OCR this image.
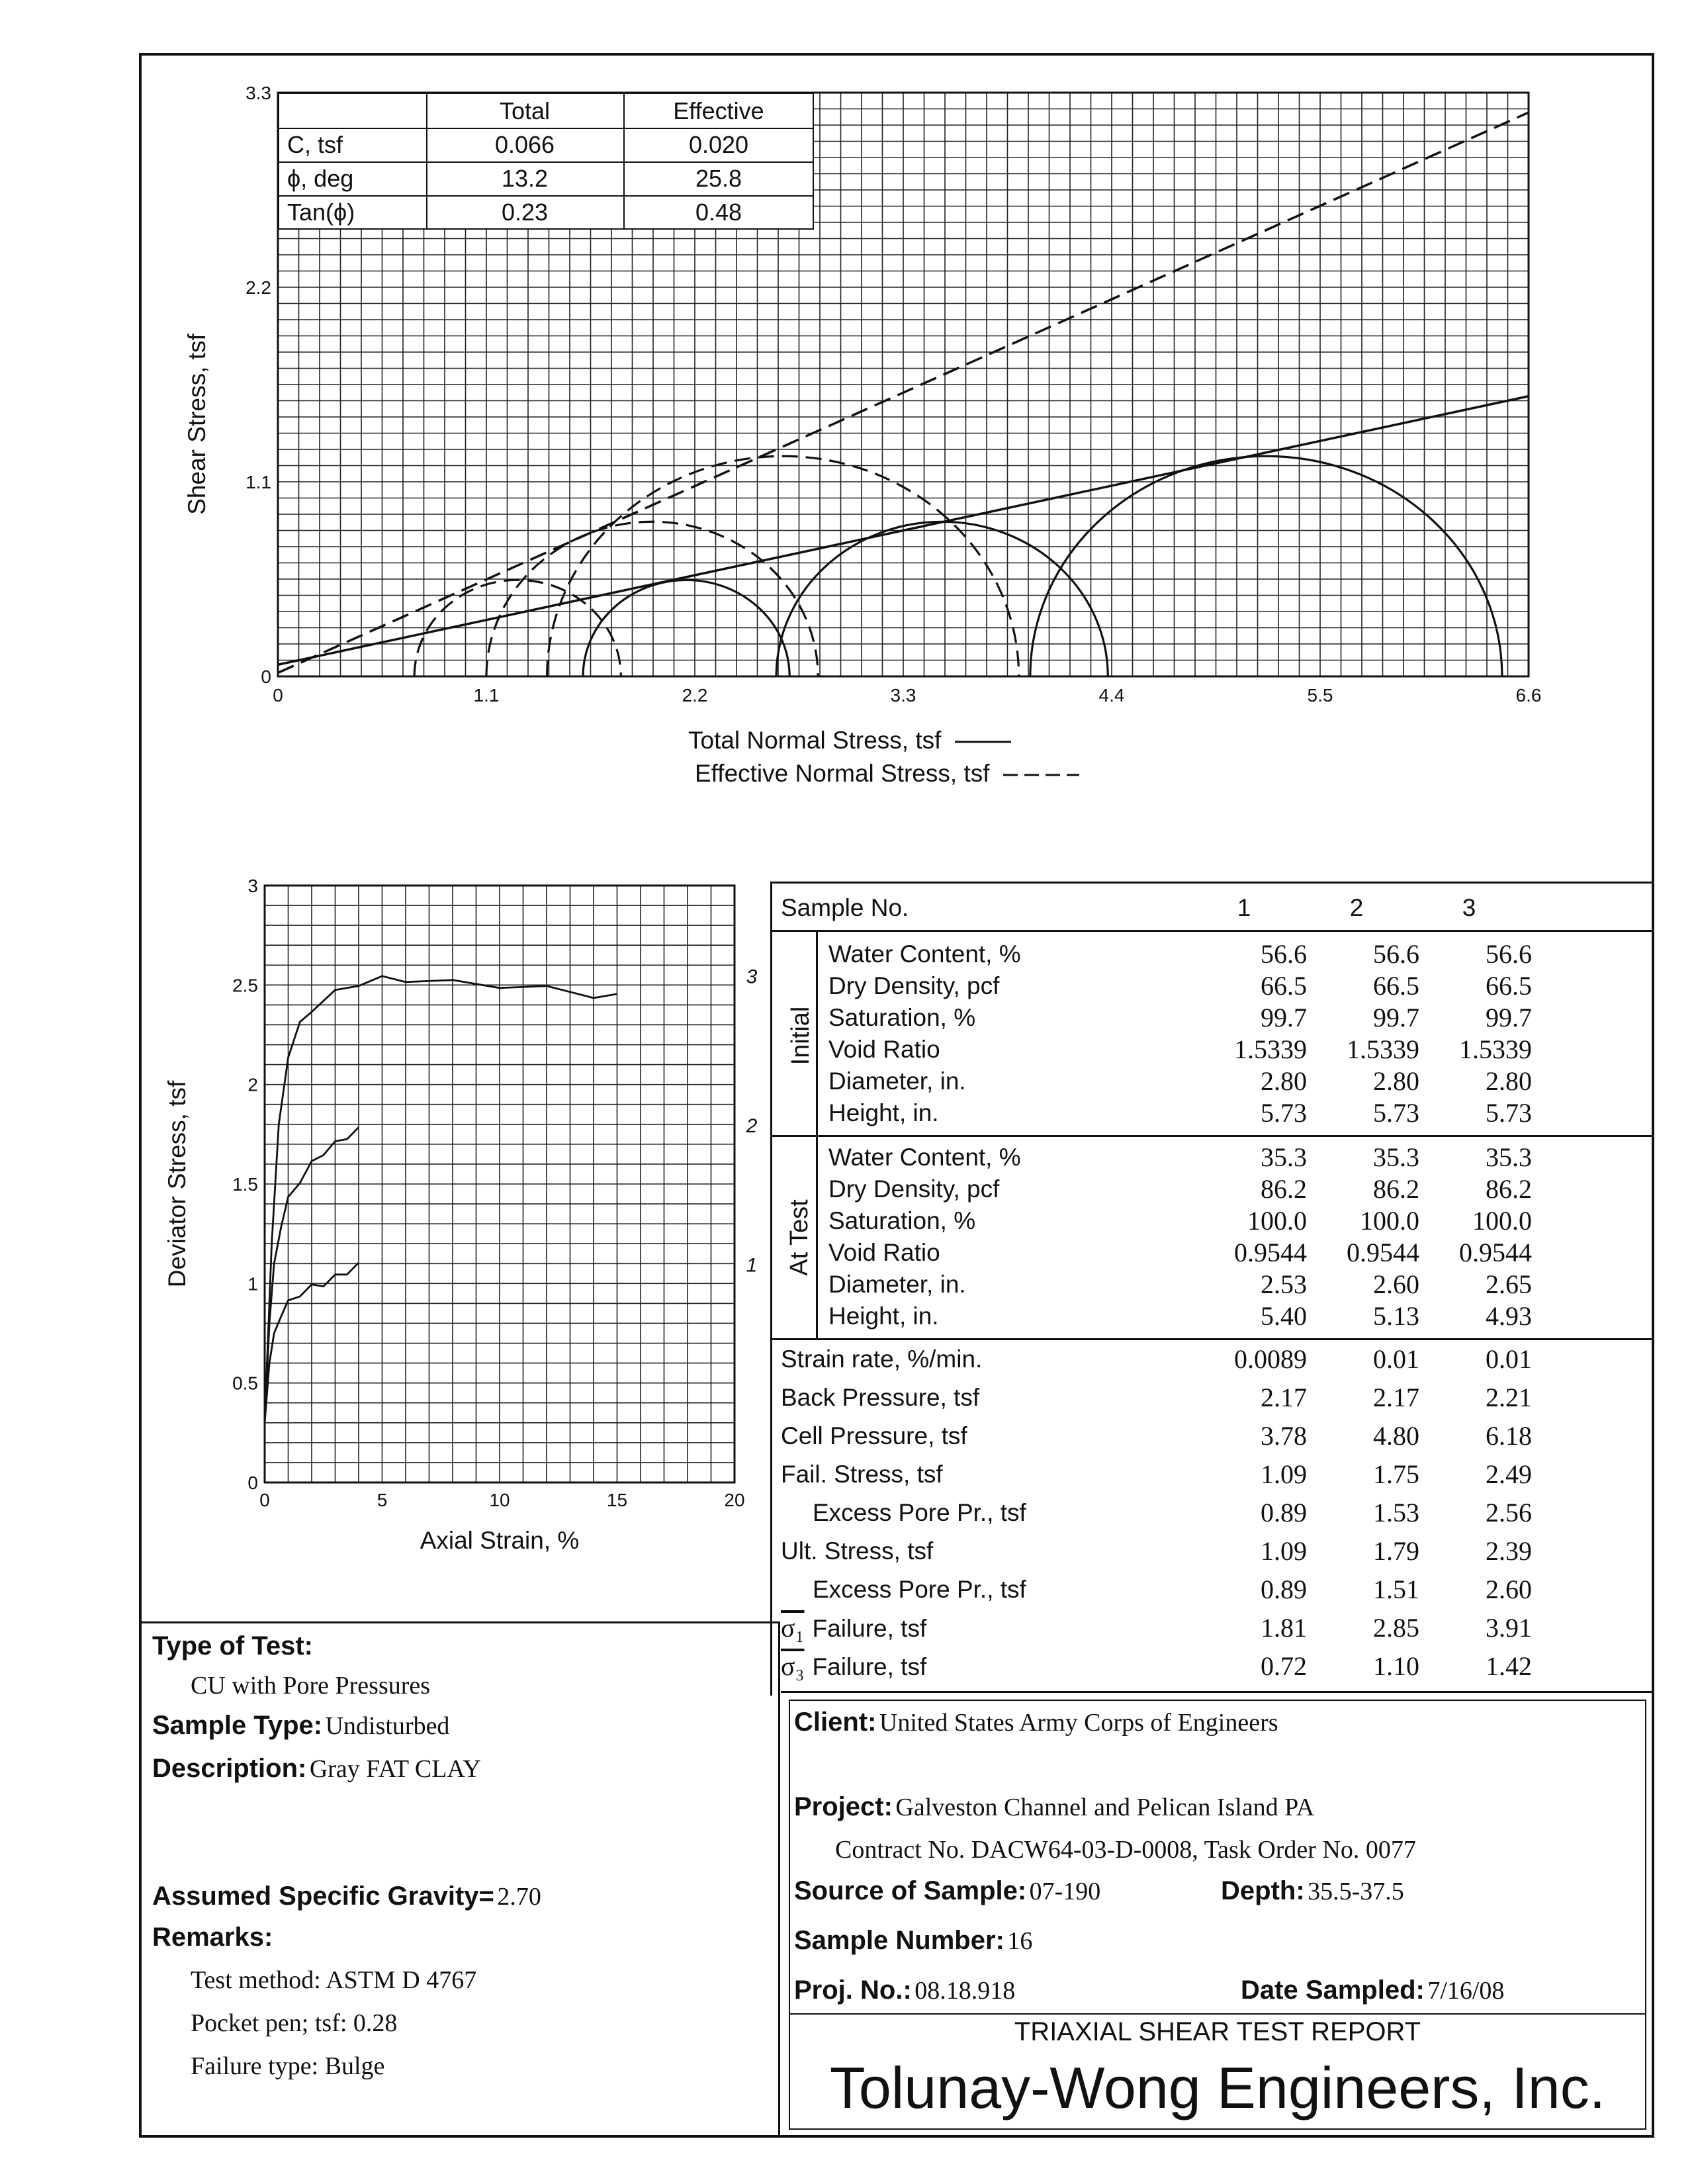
0	1.1	2.2	3.3	4.4	5.5	6.6
0
1.1
2.2
3.3
Shear Stress, tsf
Total	Effective
C, tsf	0.066	0.020
ϕ, deg	13.2	25.8
Tan(ϕ)	0.23	0.48
Total Normal Stress, tsf
Effective Normal Stress, tsf
0	5	10	15	20
0
0.5
1
1.5
2
2.5
3
Axial Strain, %
Deviator Stress, tsf	1
2
3
Sample No.	1	2	3
Initial
At Test
Water Content, %	56.6	56.6	56.6
Dry Density, pcf	66.5	66.5	66.5
Saturation, %	99.7	99.7	99.7
Void Ratio	1.5339	1.5339	1.5339
Diameter, in.	2.80	2.80	2.80
Height, in.	5.73	5.73	5.73
Water Content, %	35.3	35.3	35.3
Dry Density, pcf	86.2	86.2	86.2
Saturation, %	100.0	100.0	100.0
Void Ratio	0.9544	0.9544	0.9544
Diameter, in.	2.53	2.60	2.65
Height, in.	5.40	5.13	4.93
Strain rate, %/min.	0.0089	0.01	0.01
Back Pressure, tsf	2.17	2.17	2.21
Cell Pressure, tsf	3.78	4.80	6.18
Fail. Stress, tsf	1.09	1.75	2.49
Excess Pore Pr., tsf	0.89	1.53	2.56
Ult. Stress, tsf	1.09	1.79	2.39
Excess Pore Pr., tsf	0.89	1.51	2.60
σ₁ Failure, tsf	1.81	2.85	3.91
σ₃ Failure, tsf	0.72	1.10	1.42
Type of Test:
CU with Pore Pressures
Sample Type: Undisturbed
Description: Gray FAT CLAY
Assumed Specific Gravity= 2.70
Remarks:
Test method: ASTM D 4767
Pocket pen; tsf: 0.28
Failure type: Bulge
Client: United States Army Corps of Engineers
Project: Galveston Channel and Pelican Island PA
Contract No. DACW64-03-D-0008, Task Order No. 0077
Source of Sample: 07-190	Depth: 35.5-37.5
Sample Number: 16
Proj. No.: 08.18.918	Date Sampled: 7/16/08
TRIAXIAL SHEAR TEST REPORT
Tolunay-Wong Engineers, Inc.
